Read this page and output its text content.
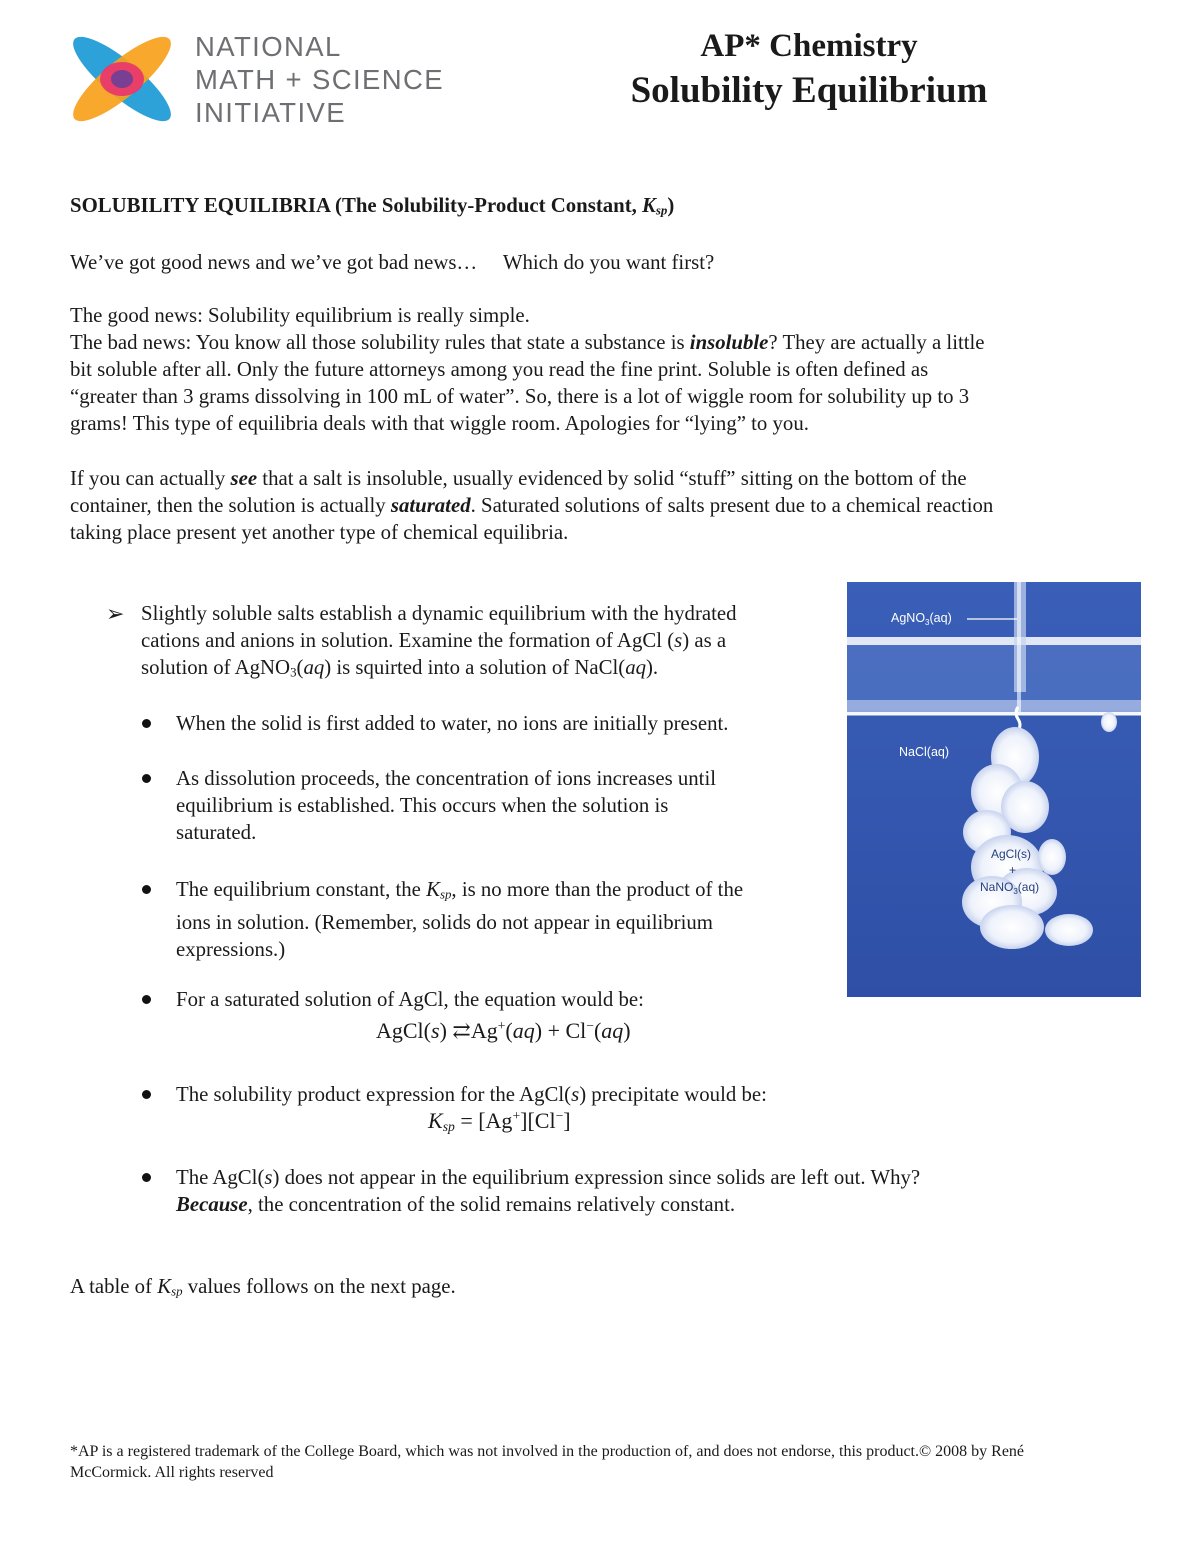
NATIONAL
MATH + SCIENCE
INITIATIVE
AP* Chemistry
Solubility Equilibrium
SOLUBILITY EQUILIBRIA (The Solubility-Product Constant, $K_{sp}$)
We’ve got good news and we’ve got bad news…     Which do you want first?
The good news: Solubility equilibrium is really simple.
The bad news: You know all those solubility rules that state a substance is insoluble? They are actually a little
bit soluble after all. Only the future attorneys among you read the fine print. Soluble is often defined as
“greater than 3 grams dissolving in 100 mL of water”. So, there is a lot of wiggle room for solubility up to 3
grams! This type of equilibria deals with that wiggle room. Apologies for “lying” to you.
If you can actually see that a salt is insoluble, usually evidenced by solid “stuff” sitting on the bottom of the
container, then the solution is actually saturated. Saturated solutions of salts present due to a chemical reaction
taking place present yet another type of chemical equilibria.
➢ Slightly soluble salts establish a dynamic equilibrium with the hydrated
cations and anions in solution. Examine the formation of AgCl (s) as a
solution of AgNO$_3$(aq) is squirted into a solution of NaCl(aq).
When the solid is first added to water, no ions are initially present.
As dissolution proceeds, the concentration of ions increases until
equilibrium is established. This occurs when the solution is
saturated.
The equilibrium constant, the $K_{sp}$, is no more than the product of the
ions in solution. (Remember, solids do not appear in equilibrium
expressions.)
For a saturated solution of AgCl, the equation would be:
AgCl(s) ⇄Ag+(aq) + Cl−(aq)
The solubility product expression for the AgCl(s) precipitate would be:
$K_{sp} = [Ag^+][Cl^-]$
The AgCl(s) does not appear in the equilibrium expression since solids are left out. Why?
Because, the concentration of the solid remains relatively constant.
A table of $K_{sp}$ values follows on the next page.
AgNO$_3$(aq)
NaCl(aq)
AgCl(s)
+
NaNO$_3$(aq)
*AP is a registered trademark of the College Board, which was not involved in the production of, and does not endorse, this product.© 2008 by René
McCormick. All rights reserved
